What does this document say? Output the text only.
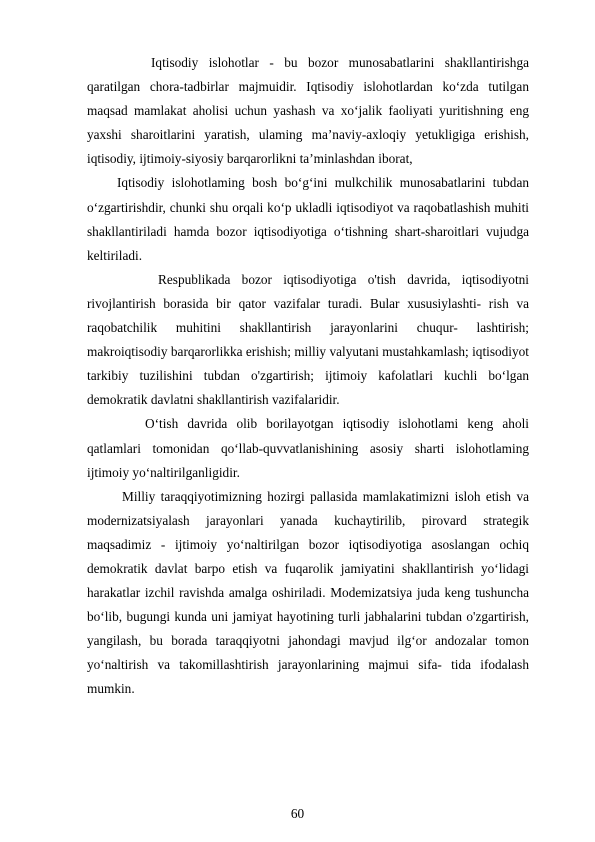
Iqtisodiy islohotlar - bu bozor munosabatlarini shakllantirishga qaratilgan chora-tadbirlar majmuidir. Iqtisodiy islohotlardan ko‘zda tutilgan maqsad mamlakat aholisi uchun yashash va xo‘jalik faoliyati yuritishning eng yaxshi sharoitlarini yaratish, ulaming ma’naviy-axloqiy yetukligiga erishish, iqtisodiy, ijtimoiy-siyosiy barqarorlikni ta’minlashdan iborat,

Iqtisodiy islohotlaming bosh bo‘g‘ini mulkchilik munosabatlarini tubdan o‘zgartirishdir, chunki shu orqali ko‘p ukladli iqtisodiyot va raqobatlashish muhiti shakllantiriladi hamda bozor iqtisodiyotiga o‘tishning shart-sharoitlari vujudga keltiriladi.

Respublikada bozor iqtisodiyotiga o'tish davrida, iqtisodiyotni rivojlantirish borasida bir qator vazifalar turadi. Bular xususiylashti- rish va raqobatchilik muhitini shakllantirish jarayonlarini chuqur- lashtirish; makroiqtisodiy barqarorlikka erishish; milliy valyutani mustahkamlash; iqtisodiyot tarkibiy tuzilishini tubdan o'zgartirish; ijtimoiy kafolatlari kuchli bo‘lgan demokratik davlatni shakllantirish vazifalaridir.

O‘tish davrida olib borilayotgan iqtisodiy islohotlami keng aholi qatlamlari tomonidan qo‘llab-quvvatlanishining asosiy sharti islohotlaming ijtimoiy yo‘naltirilganligidir.

Milliy taraqqiyotimizning hozirgi pallasida mamlakatimizni isloh etish va modernizatsiyalash jarayonlari yanada kuchaytirilib, pirovard strategik maqsadimiz - ijtimoiy yo‘naltirilgan bozor iqtisodiyotiga asoslangan ochiq demokratik davlat barpo etish va fuqarolik jamiyatini shakllantirish yo‘lidagi harakatlar izchil ravishda amalga oshiriladi. Modemizatsiya juda keng tushuncha bo‘lib, bugungi kunda uni jamiyat hayotining turli jabhalarini tubdan o'zgartirish, yangilash, bu borada taraqqiyotni jahondagi mavjud ilg‘or andozalar tomon yo‘naltirish va takomillashtirish jarayonlarining majmui sifa- tida ifodalash mumkin.

60
